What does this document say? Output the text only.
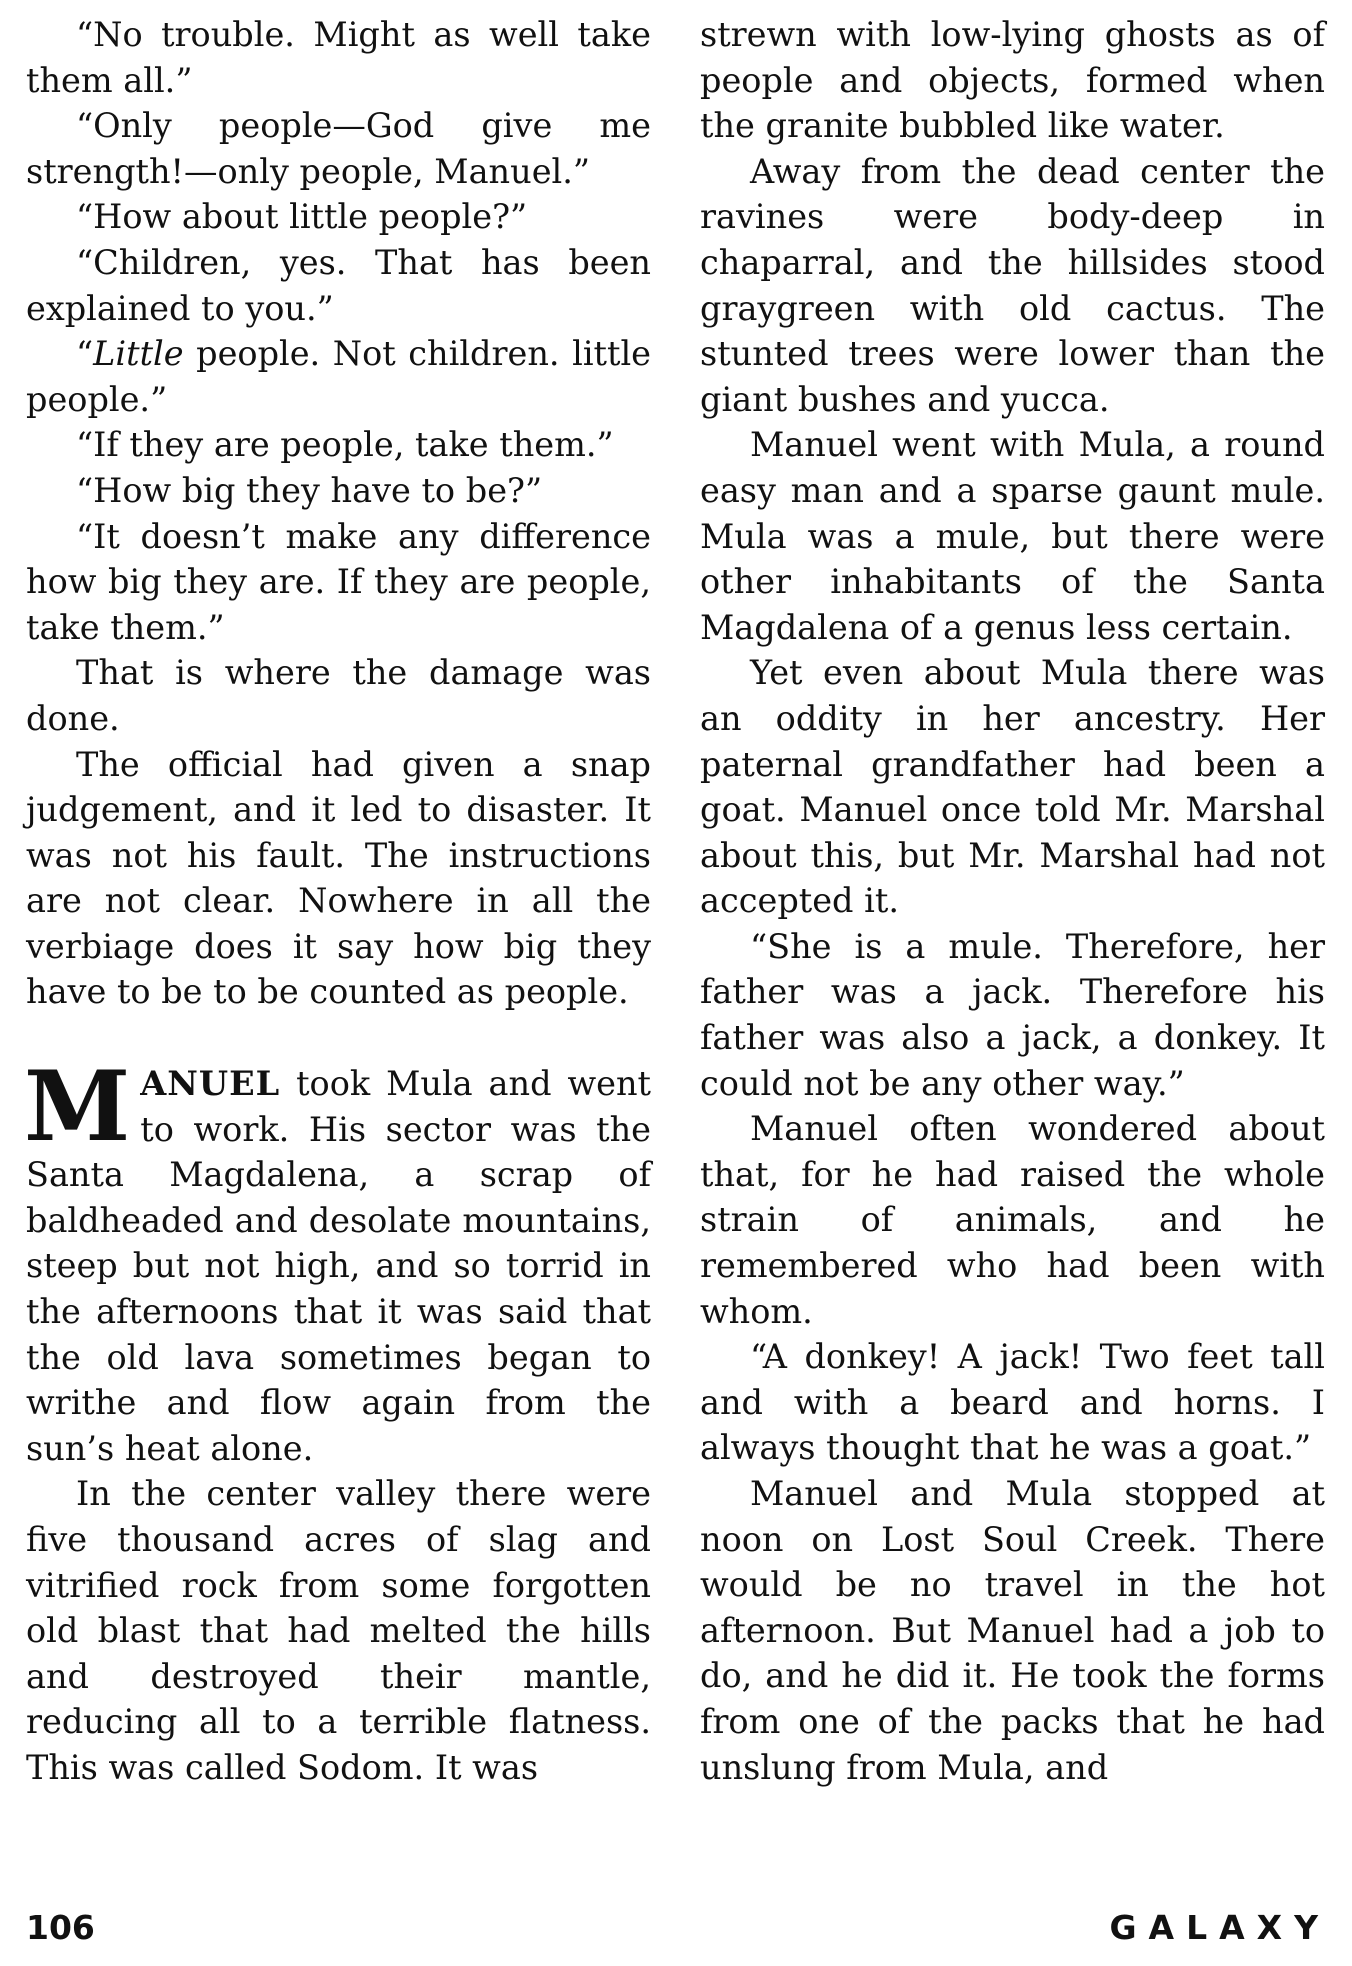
“No trouble. Might as well take them all.”

“Only people—God give me strength!—only people, Manuel.”

“How about little people?”

“Children, yes. That has been explained to you.”

“Little people. Not children. little people.”

“If they are people, take them.”

“How big they have to be?”

“It doesn’t make any difference how big they are. If they are people, take them.”

That is where the damage was done.

The official had given a snap judgement, and it led to disaster. It was not his fault. The instructions are not clear. Nowhere in all the verbiage does it say how big they have to be to be counted as people.

MANUEL took Mula and went to work. His sector was the Santa Magdalena, a scrap of baldheaded and desolate mountains, steep but not high, and so torrid in the afternoons that it was said that the old lava sometimes began to writhe and flow again from the sun’s heat alone.

In the center valley there were five thousand acres of slag and vitrified rock from some forgotten old blast that had melted the hills and destroyed their mantle, reducing all to a terrible flatness. This was called Sodom. It was

strewn with low-lying ghosts as of people and objects, formed when the granite bubbled like water.

Away from the dead center the ravines were body-deep in chaparral, and the hillsides stood graygreen with old cactus. The stunted trees were lower than the giant bushes and yucca.

Manuel went with Mula, a round easy man and a sparse gaunt mule. Mula was a mule, but there were other inhabitants of the Santa Magdalena of a genus less certain.

Yet even about Mula there was an oddity in her ancestry. Her paternal grandfather had been a goat. Manuel once told Mr. Marshal about this, but Mr. Marshal had not accepted it.

“She is a mule. Therefore, her father was a jack. Therefore his father was also a jack, a donkey. It could not be any other way.”

Manuel often wondered about that, for he had raised the whole strain of animals, and he remembered who had been with whom.

“A donkey! A jack! Two feet tall and with a beard and horns. I always thought that he was a goat.”

Manuel and Mula stopped at noon on Lost Soul Creek. There would be no travel in the hot afternoon. But Manuel had a job to do, and he did it. He took the forms from one of the packs that he had unslung from Mula, and

106	GALAXY
